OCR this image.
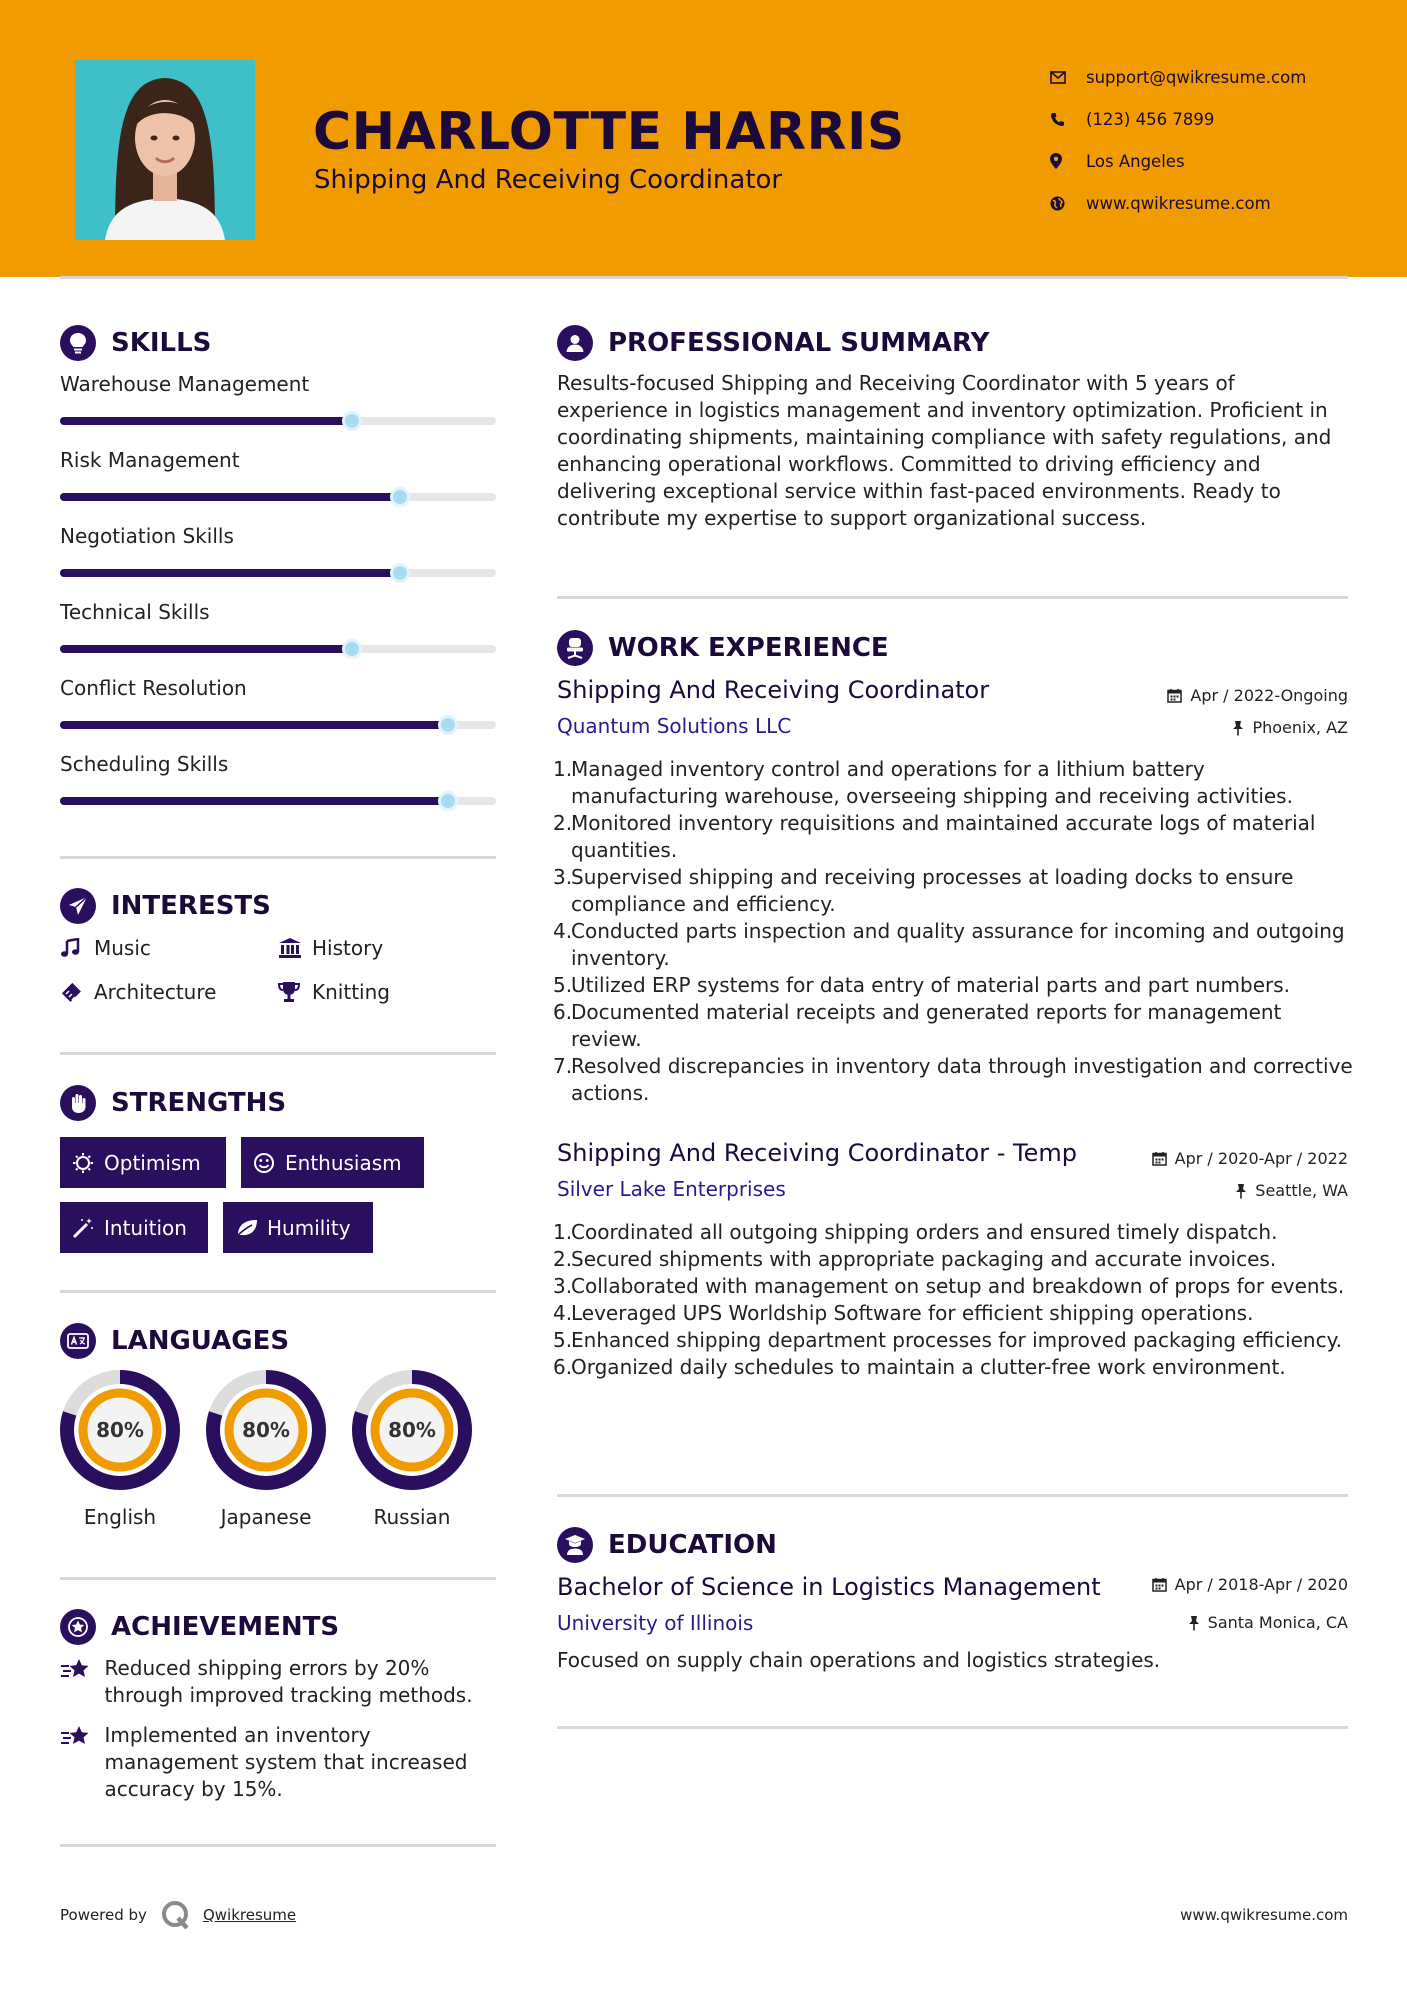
CHARLOTTE HARRIS
Shipping And Receiving Coordinator
support@qwikresume.com
(123) 456 7899
Los Angeles
www.qwikresume.com
SKILLS
Warehouse Management
Risk Management
Negotiation Skills
Technical Skills
Conflict Resolution
Scheduling Skills
INTERESTS
Music	History
Architecture	Knitting
STRENGTHS
Optimism	Enthusiasm
Intuition	Humility
LANGUAGES
80%
English
80%
Japanese
80%
Russian
ACHIEVEMENTS
Reduced shipping errors by 20% through improved tracking methods.
Implemented an inventory management system that increased accuracy by 15%.
PROFESSIONAL SUMMARY
Results-focused Shipping and Receiving Coordinator with 5 years of experience in logistics management and inventory optimization. Proficient in coordinating shipments, maintaining compliance with safety regulations, and enhancing operational workflows. Committed to driving efficiency and delivering exceptional service within fast-paced environments. Ready to contribute my expertise to support organizational success.
WORK EXPERIENCE
Shipping And Receiving Coordinator	Apr / 2022-Ongoing
Quantum Solutions LLC	Phoenix, AZ
1.
Managed inventory control and operations for a lithium battery manufacturing warehouse, overseeing shipping and receiving activities.
2.
Monitored inventory requisitions and maintained accurate logs of material quantities.
3.
Supervised shipping and receiving processes at loading docks to ensure compliance and efficiency.
4.
Conducted parts inspection and quality assurance for incoming and outgoing inventory.
5.
Utilized ERP systems for data entry of material parts and part numbers.
6.
Documented material receipts and generated reports for management review.
7.
Resolved discrepancies in inventory data through investigation and corrective actions.
Shipping And Receiving Coordinator - Temp	Apr / 2020-Apr / 2022
Silver Lake Enterprises	Seattle, WA
1.
Coordinated all outgoing shipping orders and ensured timely dispatch.
2.
Secured shipments with appropriate packaging and accurate invoices.
3.
Collaborated with management on setup and breakdown of props for events.
4.
Leveraged UPS Worldship Software for efficient shipping operations.
5.
Enhanced shipping department processes for improved packaging efficiency.
6.
Organized daily schedules to maintain a clutter-free work environment.
EDUCATION
Bachelor of Science in Logistics Management	Apr / 2018-Apr / 2020
University of Illinois	Santa Monica, CA
Focused on supply chain operations and logistics strategies.
Powered by	Qwikresume	www.qwikresume.com
